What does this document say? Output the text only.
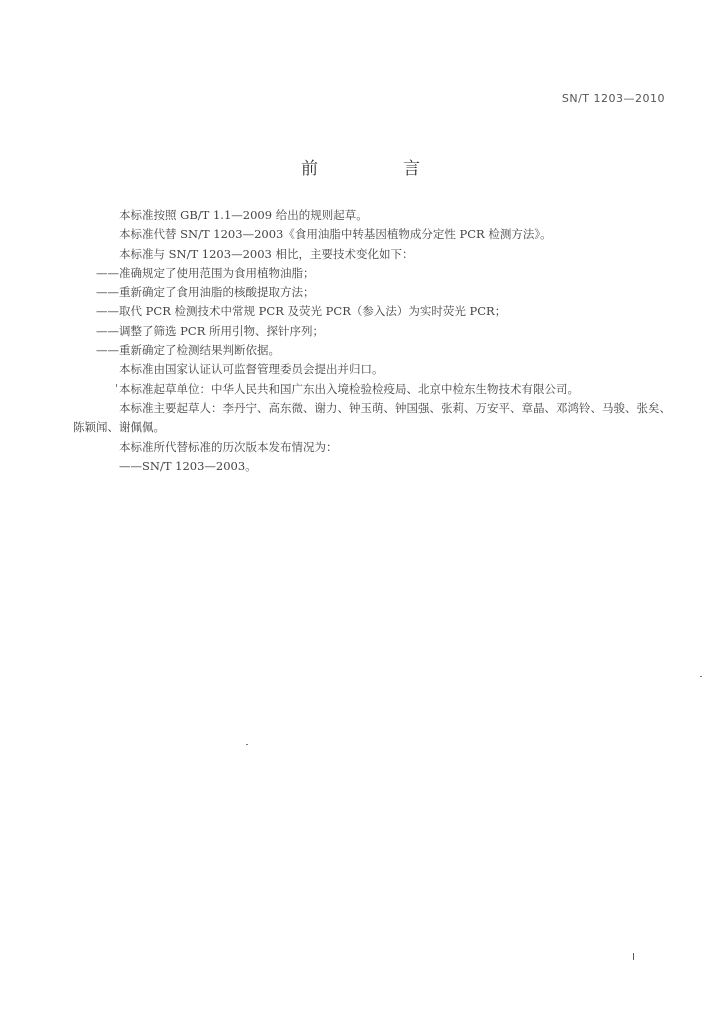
SN/T 1203—2010
前　言

本标准按照 GB/T 1.1—2009 给出的规则起草。

本标准代替 SN/T 1203—2003《食用油脂中转基因植物成分定性 PCR 检测方法》。

本标准与 SN/T 1203—2003 相比，主要技术变化如下：

——准确规定了使用范围为食用植物油脂；

——重新确定了食用油脂的核酸提取方法；

——取代 PCR 检测技术中常规 PCR 及荧光 PCR（参入法）为实时荧光 PCR；

——调整了筛选 PCR 所用引物、探针序列；

——重新确定了检测结果判断依据。

本标准由国家认证认可监督管理委员会提出并归口。

本标准起草单位：中华人民共和国广东出入境检验检疫局、北京中检东生物技术有限公司。

本标准主要起草人：李丹宁、高东微、谢力、钟玉萌、钟国强、张莉、万安平、章晶、邓鸿铃、马骏、张矣、陈颖闻、谢佩佩。

本标准所代替标准的历次版本发布情况为：

——SN/T 1203—2003。

I
